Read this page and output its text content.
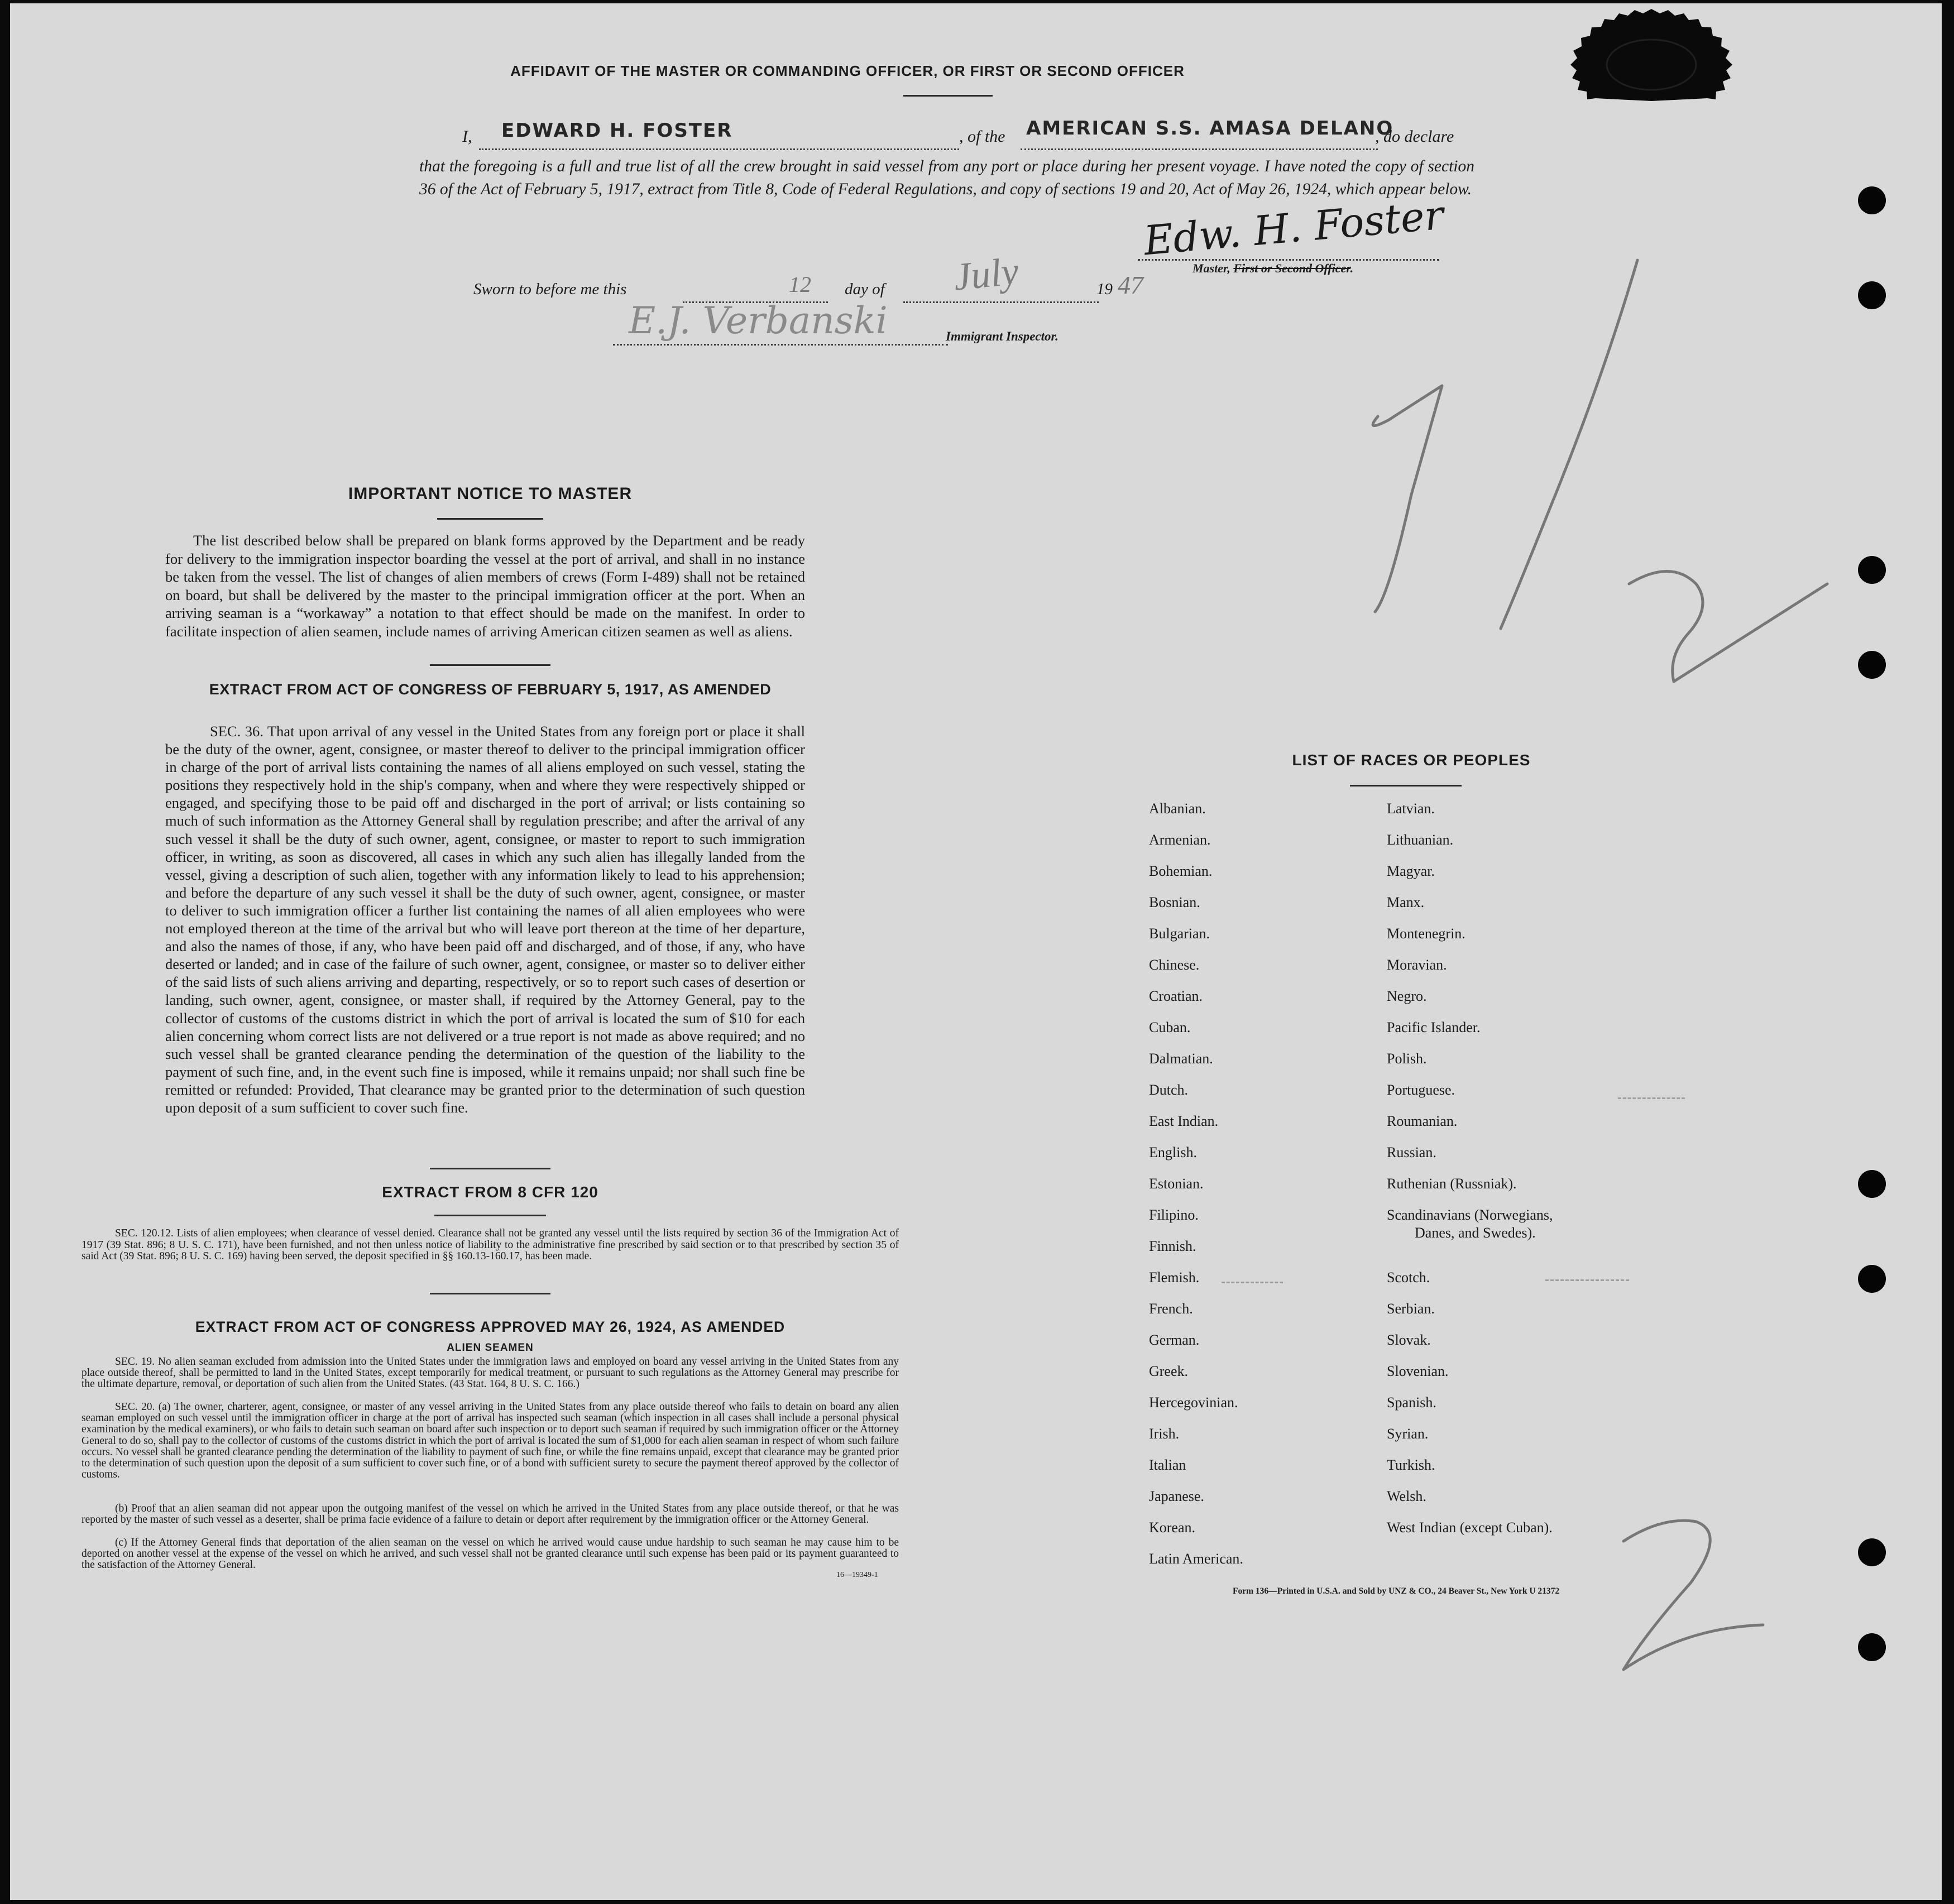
AFFIDAVIT OF THE MASTER OR COMMANDING OFFICER, OR FIRST OR SECOND OFFICER
I, EDWARD H. FOSTER	, of the AMERICAN S.S. AMASA DELANO
, do declare
that the foregoing is a full and true list of all the crew brought in said vessel from any port or place during her present voyage. I have noted the copy of section 36 of the Act of February 5, 1917, extract from Title 8, Code of Federal Regulations, and copy of sections 19 and 20, Act of May 26, 1924, which appear below.
Edw. H. Foster
Master, First or Second Officer.
Sworn to before me this	12 day of July	19 47
E.J. Verbanski	Immigrant Inspector.
IMPORTANT NOTICE TO MASTER
The list described below shall be prepared on blank forms approved by the Department and be ready for delivery to the immigration inspector boarding the vessel at the port of arrival, and shall in no instance be taken from the vessel. The list of changes of alien members of crews (Form I-489) shall not be retained on board, but shall be delivered by the master to the principal immigration officer at the port. When an arriving seaman is a “workaway” a notation to that effect should be made on the manifest. In order to facilitate inspection of alien seamen, include names of arriving American citizen seamen as well as aliens.
EXTRACT FROM ACT OF CONGRESS OF FEBRUARY 5, 1917, AS AMENDED
SEC. 36. That upon arrival of any vessel in the United States from any foreign port or place it shall be the duty of the owner, agent, consignee, or master thereof to deliver to the principal immigration officer in charge of the port of arrival lists containing the names of all aliens employed on such vessel, stating the positions they respectively hold in the ship's company, when and where they were respectively shipped or engaged, and specifying those to be paid off and discharged in the port of arrival; or lists containing so much of such information as the Attorney General shall by regulation prescribe; and after the arrival of any such vessel it shall be the duty of such owner, agent, consignee, or master to report to such immigration officer, in writing, as soon as discovered, all cases in which any such alien has illegally landed from the vessel, giving a description of such alien, together with any information likely to lead to his apprehension; and before the departure of any such vessel it shall be the duty of such owner, agent, consignee, or master to deliver to such immigration officer a further list containing the names of all alien employees who were not employed thereon at the time of the arrival but who will leave port thereon at the time of her departure, and also the names of those, if any, who have been paid off and discharged, and of those, if any, who have deserted or landed; and in case of the failure of such owner, agent, consignee, or master so to deliver either of the said lists of such aliens arriving and departing, respectively, or so to report such cases of desertion or landing, such owner, agent, consignee, or master shall, if required by the Attorney General, pay to the collector of customs of the customs district in which the port of arrival is located the sum of $10 for each alien concerning whom correct lists are not delivered or a true report is not made as above required; and no such vessel shall be granted clearance pending the determination of the question of the liability to the payment of such fine, and, in the event such fine is imposed, while it remains unpaid; nor shall such fine be remitted or refunded: Provided, That clearance may be granted prior to the determination of such question upon deposit of a sum sufficient to cover such fine.
EXTRACT FROM 8 CFR 120
SEC. 120.12. Lists of alien employees; when clearance of vessel denied. Clearance shall not be granted any vessel until the lists required by section 36 of the Immigration Act of 1917 (39 Stat. 896; 8 U. S. C. 171), have been furnished, and not then unless notice of liability to the administrative fine prescribed by said section or to that prescribed by section 35 of said Act (39 Stat. 896; 8 U. S. C. 169) having been served, the deposit specified in §§ 160.13-160.17, has been made.
EXTRACT FROM ACT OF CONGRESS APPROVED MAY 26, 1924, AS AMENDED
ALIEN SEAMEN
SEC. 19. No alien seaman excluded from admission into the United States under the immigration laws and employed on board any vessel arriving in the United States from any place outside thereof, shall be permitted to land in the United States, except temporarily for medical treatment, or pursuant to such regulations as the Attorney General may prescribe for the ultimate departure, removal, or deportation of such alien from the United States. (43 Stat. 164, 8 U. S. C. 166.)
SEC. 20. (a) The owner, charterer, agent, consignee, or master of any vessel arriving in the United States from any place outside thereof who fails to detain on board any alien seaman employed on such vessel until the immigration officer in charge at the port of arrival has inspected such seaman (which inspection in all cases shall include a personal physical examination by the medical examiners), or who fails to detain such seaman on board after such inspection or to deport such seaman if required by such immigration officer or the Attorney General to do so, shall pay to the collector of customs of the customs district in which the port of arrival is located the sum of $1,000 for each alien seaman in respect of whom such failure occurs. No vessel shall be granted clearance pending the determination of the liability to payment of such fine, or while the fine remains unpaid, except that clearance may be granted prior to the determination of such question upon the deposit of a sum sufficient to cover such fine, or of a bond with sufficient surety to secure the payment thereof approved by the collector of customs.
(b) Proof that an alien seaman did not appear upon the outgoing manifest of the vessel on which he arrived in the United States from any place outside thereof, or that he was reported by the master of such vessel as a deserter, shall be prima facie evidence of a failure to detain or deport after requirement by the immigration officer or the Attorney General.
(c) If the Attorney General finds that deportation of the alien seaman on the vessel on which he arrived would cause undue hardship to such seaman he may cause him to be deported on another vessel at the expense of the vessel on which he arrived, and such vessel shall not be granted clearance until such expense has been paid or its payment guaranteed to the satisfaction of the Attorney General.
16—19349-1
LIST OF RACES OR PEOPLES
Albanian.
Armenian.
Bohemian.
Bosnian.
Bulgarian.
Chinese.
Croatian.
Cuban.
Dalmatian.
Dutch.
East Indian.
English.
Estonian.
Filipino.
Finnish.
Flemish.
French.
German.
Greek.
Hercegovinian.
Irish.
Italian
Japanese.
Korean.
Latin American.
Latvian.
Lithuanian.
Magyar.
Manx.
Montenegrin.
Moravian.
Negro.
Pacific Islander.
Polish.
Portuguese.
Roumanian.
Russian.
Ruthenian (Russniak).
Scandinavians (Norwegians,
Danes, and Swedes).
Scotch.
Serbian.
Slovak.
Slovenian.
Spanish.
Syrian.
Turkish.
Welsh.
West Indian (except Cuban).
Form 136—Printed in U.S.A. and Sold by UNZ & CO., 24 Beaver St., New York U 21372
